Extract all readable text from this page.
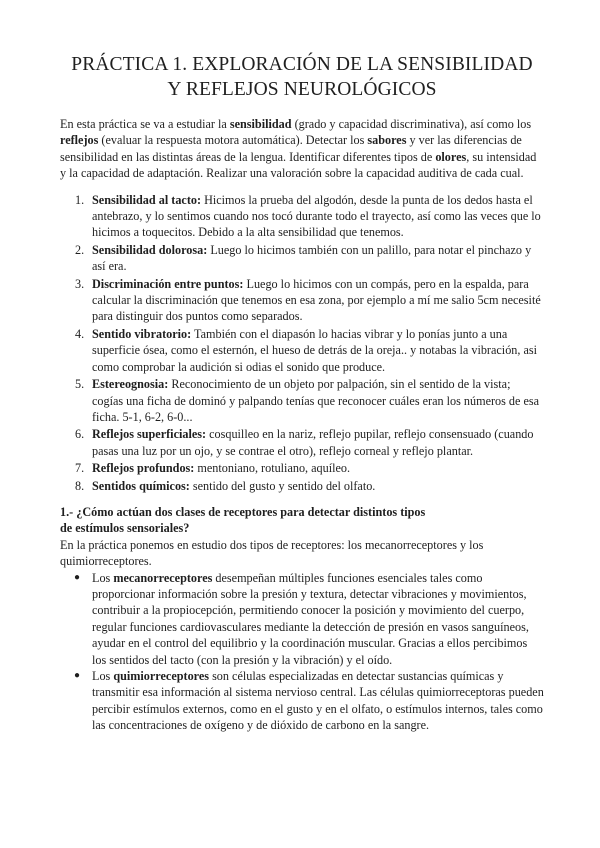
PRÁCTICA 1. EXPLORACIÓN DE LA SENSIBILIDAD
Y REFLEJOS NEUROLÓGICOS

En esta práctica se va a estudiar la sensibilidad (grado y capacidad discriminativa), así como los reflejos (evaluar la respuesta motora automática). Detectar los sabores y ver las diferencias de sensibilidad en las distintas áreas de la lengua. Identificar diferentes tipos de olores, su intensidad y la capacidad de adaptación. Realizar una valoración sobre la capacidad auditiva de cada cual.

1. Sensibilidad al tacto: Hicimos la prueba del algodón, desde la punta de los dedos hasta el antebrazo, y lo sentimos cuando nos tocó durante todo el trayecto, así como las veces que lo hicimos a toquecitos. Debido a la alta sensibilidad que tenemos.
2. Sensibilidad dolorosa: Luego lo hicimos también con un palillo, para notar el pinchazo y así era.
3. Discriminación entre puntos: Luego lo hicimos con un compás, pero en la espalda, para calcular la discriminación que tenemos en esa zona, por ejemplo a mí me salio 5cm necesité para distinguir dos puntos como separados.
4. Sentido vibratorio: También con el diapasón lo hacias vibrar y lo ponías junto a una superficie ósea, como el esternón, el hueso de detrás de la oreja.. y notabas la vibración, asi como comprobar la audición si odias el sonido que produce.
5. Estereognosia: Reconocimiento de un objeto por palpación, sin el sentido de la vista; cogías una ficha de dominó y palpando tenías que reconocer cuáles eran los números de esa ficha. 5-1, 6-2, 6-0...
6. Reflejos superficiales: cosquilleo en la nariz, reflejo pupilar, reflejo consensuado (cuando pasas una luz por un ojo, y se contrae el otro), reflejo corneal y reflejo plantar.
7. Reflejos profundos: mentoniano, rotuliano, aquíleo.
8. Sentidos químicos: sentido del gusto y sentido del olfato.

1.- ¿Cómo actúan dos clases de receptores para detectar distintos tipos
de estímulos sensoriales?

En la práctica ponemos en estudio dos tipos de receptores: los mecanorreceptores y los quimiorreceptores.

● Los mecanorreceptores desempeñan múltiples funciones esenciales tales como proporcionar información sobre la presión y textura, detectar vibraciones y movimientos, contribuir a la propiocepción, permitiendo conocer la posición y movimiento del cuerpo, regular funciones cardiovasculares mediante la detección de presión en vasos sanguíneos, ayudar en el control del equilibrio y la coordinación muscular. Gracias a ellos percibimos los sentidos del tacto (con la presión y la vibración) y el oído.
● Los quimiorreceptores son células especializadas en detectar sustancias químicas y transmitir esa información al sistema nervioso central. Las células quimiorreceptoras pueden percibir estímulos externos, como en el gusto y en el olfato, o estímulos internos, tales como las concentraciones de oxígeno y de dióxido de carbono en la sangre.
